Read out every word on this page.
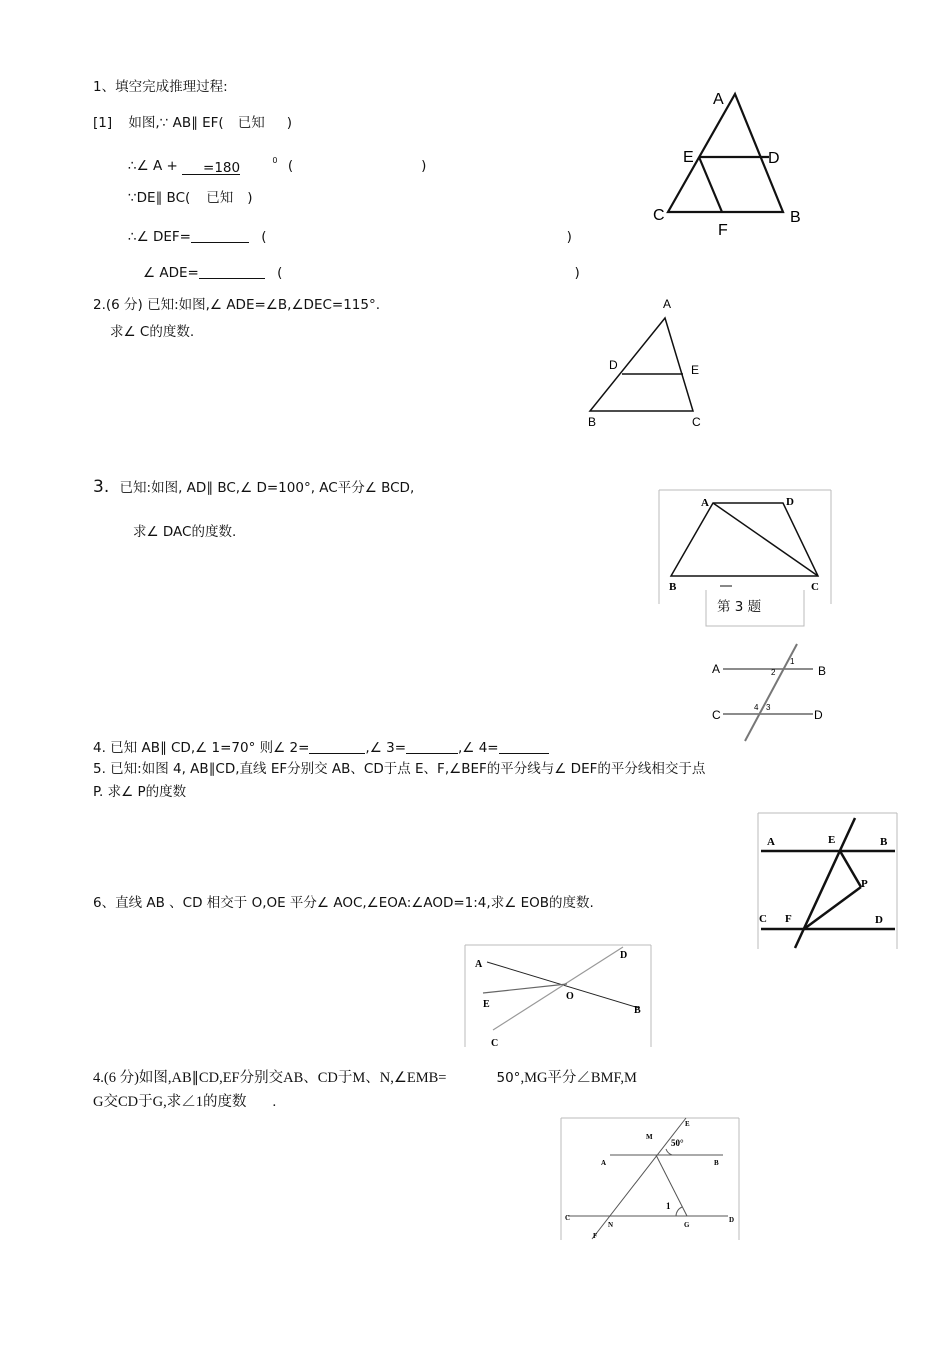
1、填空完成推理过程:
[1] 如图,∵ AB∥ EF( 已知 )
∴∠ A + =180	$^0$ (	)
∵DE∥ BC( 已知 )
∴∠ DEF=	(	)
∠ ADE=	(	)
A
E	D
C
F
B
2.(6 分) 已知:如图,∠ ADE=∠B,∠DEC=115°.
求∠ C的度数.
A
D	E
B	C
3. 已知:如图, AD∥ BC,∠ D=100°, AC平分∠ BCD,
求∠ DAC的度数.
A	D
B	C
第 3 题
A	B
C	D
1
2
3
4
4. 已知 AB∥ CD,∠ 1=70° 则∠ 2=	,∠ 3=	,∠ 4=
5. 已知:如图 4, AB∥CD,直线 EF分别交 AB、CD于点 E、F,∠BEF的平分线与∠ DEF的平分线相交于点
P. 求∠ P的度数
A	E	B
P
C F	D
6、直线 AB 、CD 相交于 O,OE 平分∠ AOC,∠EOA:∠AOD=1:4,求∠ EOB的度数.
A
D
E
O
B
C
4.(6 分)如图,AB∥CD,EF分别交AB、CD于M、N,∠EMB=	50°,MG平分∠BMF,M
G交CD于G,求∠1的度数 .
E
M
50°
A	B
1
C
N	G
D
F
